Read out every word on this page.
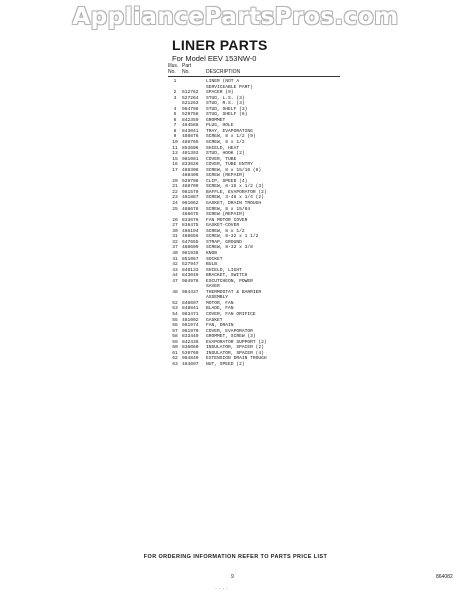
AppliancePartsPros.com
LINER PARTS
For Model EEV 153NW-0
Illus. Part
No.	No.	DESCRIPTION
1	LINER (NOT A
SERVICEABLE PART)
2	512762	SPACER (9)
3	527264	STUD, L.S. (3)
521263	STUD, R.S. (3)
4	984798	STUD, SHELF (3)
5	529758	STUD, SHELF (6)
6	842359	GROMMET
7	484588	PLUG, HOLE
8	843041	TRAY, EVAPORATING
9	488876	SCREW, 8 x 1/2 (9)
10 488765	SCREW, 8 x 1/2
11 853606	SHIELD, HEAT
13 481393	STUD, HOOK (2)
15 981081	COVER, TUBE
16 833626	COVER, TUBE ENTRY
17 488308	SCREW, 8 x 15/16 (6)
488406	SCREW (REPAIR)
20 529708	CLIP, SPEED (4)
21 488709	SCREW, 8-15 x 1/2 (3)
22 981579	BAFFLE, EVAPORATOR (2)
23 481887	SCREW, 3-48 x 1/4 (2)
24 981062	GASKET, DRAIN TROUGH
25 488678	SCREW, 8 x 15/64
488675	SCREW (REPAIR)
26 833676	FAN MOTOR COVER
27 836475	GASKET-COVER
30 486194	SCREW, 8 x 1/2
31 488656	SCREW, 8-32 x 1 1/2
32 547655	STRAP, GROUND
37 488609	SCREW, 8-32 x 3/8
40 981938	KNOB
41 851067	SOCKET
42 527947	BULB
43 848133	SHIELD, LIGHT
44 843049	BRACKET, SWITCH
47 984976	ESCUTCHEON, POWER
SAVER
48 984437	THERMOSTAT & BARRIER
ASSEMBLY
52 848697	MOTOR, FAN
53 848841	BLADE, FAN
54 983471	COVER, FAN ORIFICE
55 481002	GASKET
56 981974	FAN, DRAIN
57 981970	COVER, EVAPORATOR
58 833449	GROMMET, SCREW (3)
59 842436	EVAPORATOR SUPPORT (2)
60 836060	INSULATOR, SPACER (2)
61 539760	INSULATOR, SPACER (4)
62 984849	EXTENSION DRAIN TROUGH
63 484697	NUT, SPEED (2)
FOR ORDERING INFORMATION REFER TO PARTS PRICE LIST
9	864082
· · · ·
